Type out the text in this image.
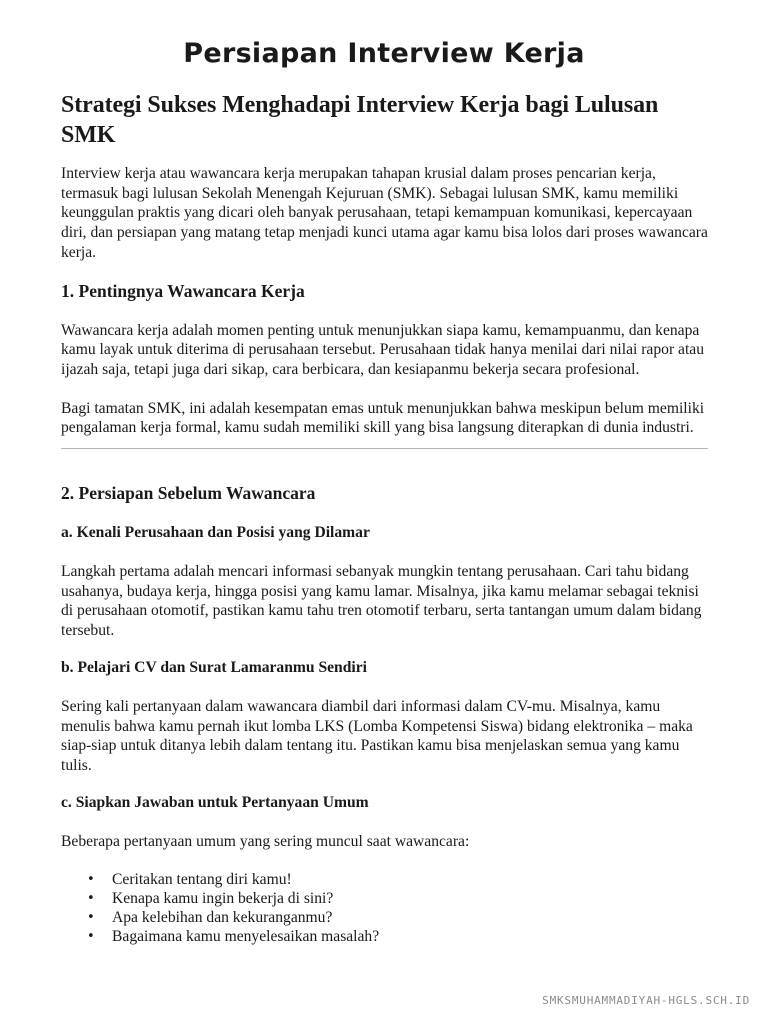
Persiapan Interview Kerja
Strategi Sukses Menghadapi Interview Kerja bagi Lulusan SMK

Interview kerja atau wawancara kerja merupakan tahapan krusial dalam proses pencarian kerja, termasuk bagi lulusan Sekolah Menengah Kejuruan (SMK). Sebagai lulusan SMK, kamu memiliki keunggulan praktis yang dicari oleh banyak perusahaan, tetapi kemampuan komunikasi, kepercayaan diri, dan persiapan yang matang tetap menjadi kunci utama agar kamu bisa lolos dari proses wawancara kerja.

1. Pentingnya Wawancara Kerja

Wawancara kerja adalah momen penting untuk menunjukkan siapa kamu, kemampuanmu, dan kenapa kamu layak untuk diterima di perusahaan tersebut. Perusahaan tidak hanya menilai dari nilai rapor atau ijazah saja, tetapi juga dari sikap, cara berbicara, dan kesiapanmu bekerja secara profesional.

Bagi tamatan SMK, ini adalah kesempatan emas untuk menunjukkan bahwa meskipun belum memiliki pengalaman kerja formal, kamu sudah memiliki skill yang bisa langsung diterapkan di dunia industri.

2. Persiapan Sebelum Wawancara
a. Kenali Perusahaan dan Posisi yang Dilamar

Langkah pertama adalah mencari informasi sebanyak mungkin tentang perusahaan. Cari tahu bidang usahanya, budaya kerja, hingga posisi yang kamu lamar. Misalnya, jika kamu melamar sebagai teknisi di perusahaan otomotif, pastikan kamu tahu tren otomotif terbaru, serta tantangan umum dalam bidang tersebut.

b. Pelajari CV dan Surat Lamaranmu Sendiri

Sering kali pertanyaan dalam wawancara diambil dari informasi dalam CV-mu. Misalnya, kamu menulis bahwa kamu pernah ikut lomba LKS (Lomba Kompetensi Siswa) bidang elektronika – maka siap-siap untuk ditanya lebih dalam tentang itu. Pastikan kamu bisa menjelaskan semua yang kamu tulis.

c. Siapkan Jawaban untuk Pertanyaan Umum

Beberapa pertanyaan umum yang sering muncul saat wawancara:

• Ceritakan tentang diri kamu!
• Kenapa kamu ingin bekerja di sini?
• Apa kelebihan dan kekuranganmu?
• Bagaimana kamu menyelesaikan masalah?
SMKSMUHAMMADIYAH-HGLS.SCH.ID
